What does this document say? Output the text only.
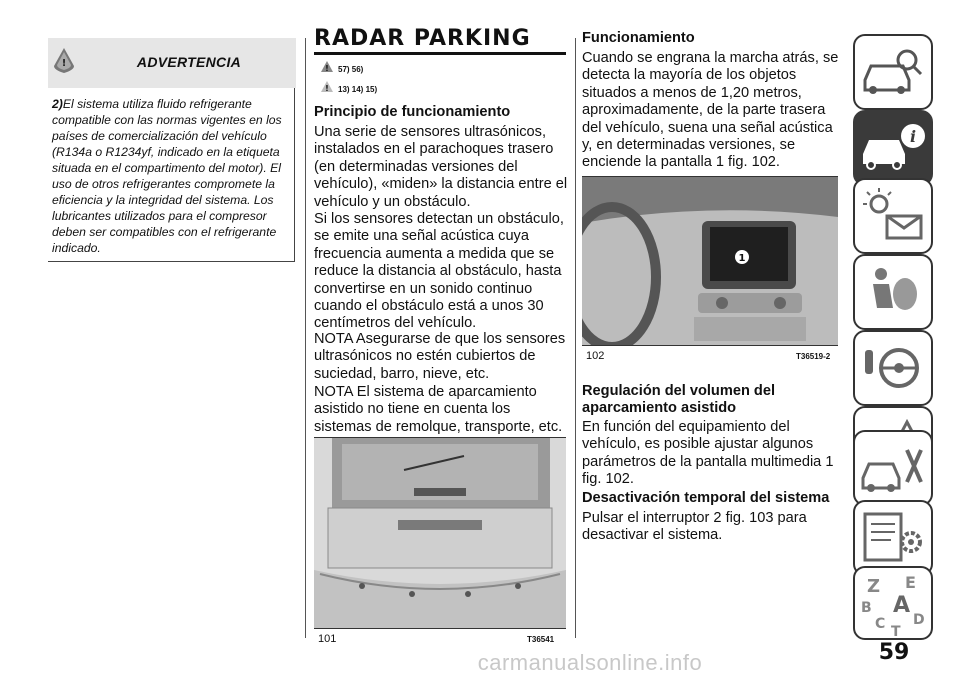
!	ADVERTENCIA
2)El sistema utiliza fluido refrigerante compatible con las normas vigentes en los países de comercialización del vehículo (R134a o R1234yf, indicado en la etiqueta situada en el compartimento del motor). El uso de otros refrigerantes compromete la eficiencia y la integridad del sistema. Los lubricantes utilizados para el compresor deben ser compatibles con el refrigerante indicado.
RADAR PARKING
! 57) 56)
! 13) 14) 15)
Principio de funcionamiento
Una serie de sensores ultrasónicos, instalados en el parachoques trasero (en determinadas versiones del vehículo), «miden» la distancia entre el vehículo y un obstáculo.
Si los sensores detectan un obstáculo, se emite una señal acústica cuya frecuencia aumenta a medida que se reduce la distancia al obstáculo, hasta convertirse en un sonido continuo cuando el obstáculo está a unos 30 centímetros del vehículo.
NOTA Asegurarse de que los sensores ultrasónicos no estén cubiertos de suciedad, barro, nieve, etc.
NOTA El sistema de aparcamiento asistido no tiene en cuenta los sistemas de remolque, transporte, etc.
101	T36541
Funcionamiento
Cuando se engrana la marcha atrás, se detecta la mayoría de los objetos situados a menos de 1,20 metros, aproximadamente, de la parte trasera del vehículo, suena una señal acústica y, en determinadas versiones, se enciende la pantalla 1 fig. 102.
1
102	T36519-2
Regulación del volumen del aparcamiento asistido
En función del equipamiento del vehículo, es posible ajustar algunos parámetros de la pantalla multimedia 1 fig. 102.
Desactivación temporal del sistema
Pulsar el interruptor 2 fig. 103 para desactivar el sistema.
i
Z E
B A
C D
T
59
carmanualsonline.info
